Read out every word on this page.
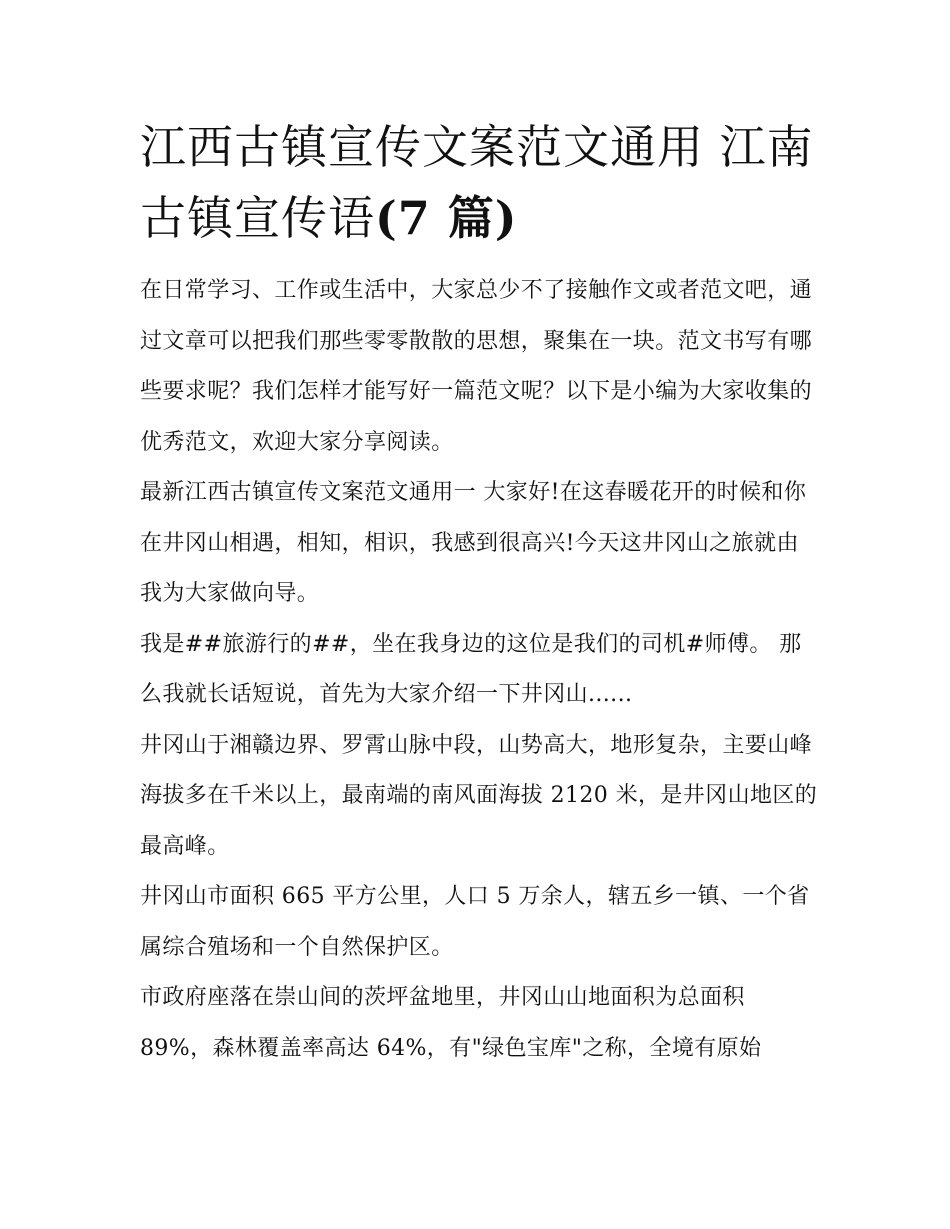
江西古镇宣传文案范文通用 江南古镇宣传语(7 篇)

在日常学习、工作或生活中，大家总少不了接触作文或者范文吧，通过文章可以把我们那些零零散散的思想，聚集在一块。范文书写有哪些要求呢？我们怎样才能写好一篇范文呢？以下是小编为大家收集的优秀范文，欢迎大家分享阅读。

最新江西古镇宣传文案范文通用一 大家好!在这春暖花开的时候和你在井冈山相遇，相知，相识，我感到很高兴!今天这井冈山之旅就由我为大家做向导。

我是##旅游行的##，坐在我身边的这位是我们的司机#师傅。 那么我就长话短说，首先为大家介绍一下井冈山......

井冈山于湘赣边界、罗霄山脉中段，山势高大，地形复杂，主要山峰海拔多在千米以上，最南端的南风面海拔 2120 米，是井冈山地区的最高峰。

井冈山市面积 665 平方公里，人口 5 万余人，辖五乡一镇、一个省属综合殖场和一个自然保护区。

市政府座落在崇山间的茨坪盆地里，井冈山山地面积为总面积 89%，森林覆盖率高达 64%，有"绿色宝库"之称，全境有原始
